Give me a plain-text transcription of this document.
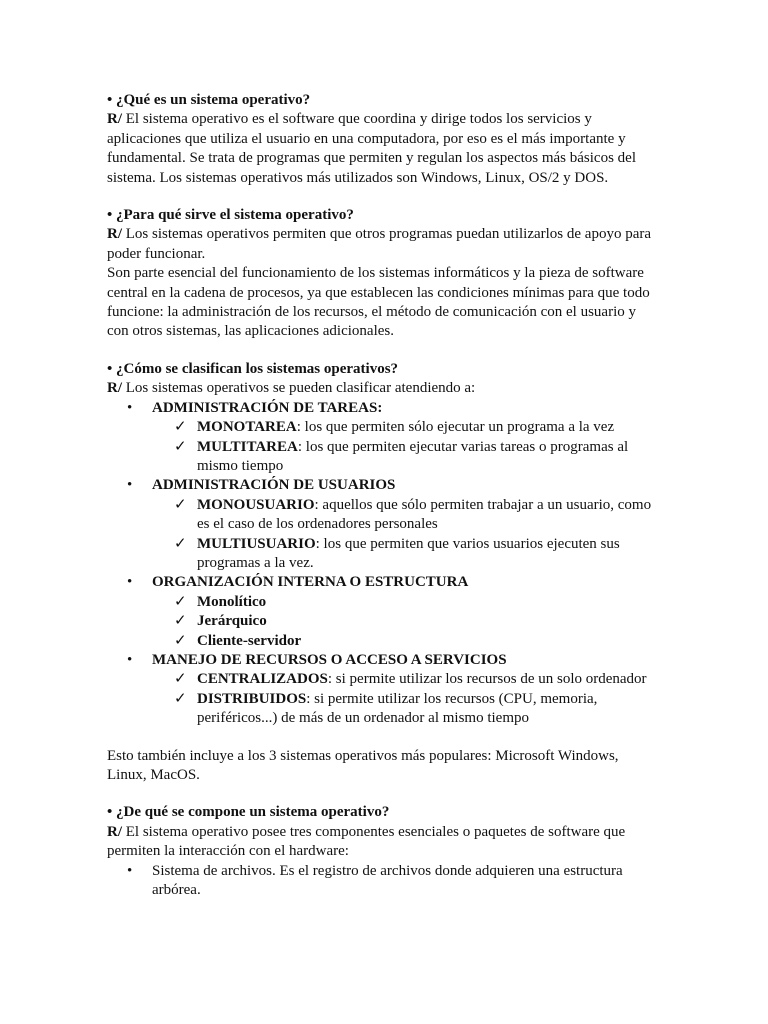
• ¿Qué es un sistema operativo?

R/ El sistema operativo es el software que coordina y dirige todos los servicios y aplicaciones que utiliza el usuario en una computadora, por eso es el más importante y fundamental. Se trata de programas que permiten y regulan los aspectos más básicos del sistema. Los sistemas operativos más utilizados son Windows, Linux, OS/2 y DOS.

• ¿Para qué sirve el sistema operativo?

R/ Los sistemas operativos permiten que otros programas puedan utilizarlos de apoyo para poder funcionar.

Son parte esencial del funcionamiento de los sistemas informáticos y la pieza de software central en la cadena de procesos, ya que establecen las condiciones mínimas para que todo funcione: la administración de los recursos, el método de comunicación con el usuario y con otros sistemas, las aplicaciones adicionales.

• ¿Cómo se clasifican los sistemas operativos?

R/ Los sistemas operativos se pueden clasificar atendiendo a:

• ADMINISTRACIÓN DE TAREAS:
✓ MONOTAREA: los que permiten sólo ejecutar un programa a la vez
✓ MULTITAREA: los que permiten ejecutar varias tareas o programas al mismo tiempo
• ADMINISTRACIÓN DE USUARIOS
✓ MONOUSUARIO: aquellos que sólo permiten trabajar a un usuario, como es el caso de los ordenadores personales
✓ MULTIUSUARIO: los que permiten que varios usuarios ejecuten sus programas a la vez.
• ORGANIZACIÓN INTERNA O ESTRUCTURA
✓ Monolítico
✓ Jerárquico
✓ Cliente-servidor
• MANEJO DE RECURSOS O ACCESO A SERVICIOS
✓ CENTRALIZADOS: si permite utilizar los recursos de un solo ordenador
✓ DISTRIBUIDOS: si permite utilizar los recursos (CPU, memoria, periféricos...) de más de un ordenador al mismo tiempo

Esto también incluye a los 3 sistemas operativos más populares: Microsoft Windows, Linux, MacOS.

• ¿De qué se compone un sistema operativo?

R/ El sistema operativo posee tres componentes esenciales o paquetes de software que permiten la interacción con el hardware:

• Sistema de archivos. Es el registro de archivos donde adquieren una estructura arbórea.
